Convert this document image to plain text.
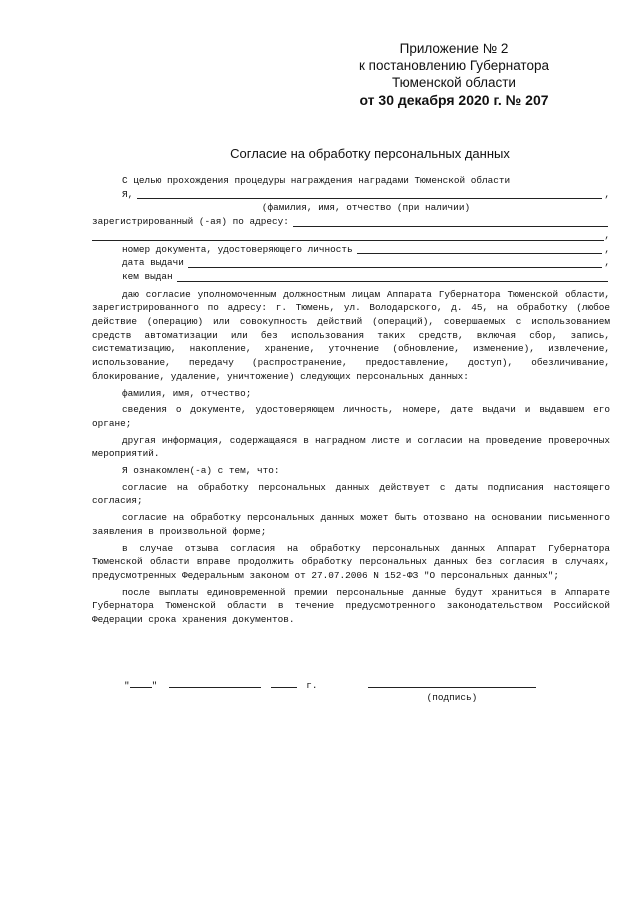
Приложение № 2
к постановлению Губернатора
Тюменской области
от 30 декабря 2020 г. № 207
Согласие на обработку персональных данных
С целью прохождения процедуры награждения наградами Тюменской области
Я,	,
(фамилия, имя, отчество (при наличии)
зарегистрированный (-ая) по адресу:
,
номер документа, удостоверяющего личность	,
дата выдачи	,
кем выдан

даю согласие уполномоченным должностным лицам Аппарата Губернатора Тюменской области, зарегистрированного по адресу: г. Тюмень, ул. Володарского, д. 45, на обработку (любое действие (операцию) или совокупность действий (операций), совершаемых с использованием средств автоматизации или без использования таких средств, включая сбор, запись, систематизацию, накопление, хранение, уточнение (обновление, изменение), извлечение, использование, передачу (распространение, предоставление, доступ), обезличивание, блокирование, удаление, уничтожение) следующих персональных данных:

фамилия, имя, отчество;

сведения о документе, удостоверяющем личность, номере, дате выдачи и выдавшем его органе;

другая информация, содержащаяся в наградном листе и согласии на проведение проверочных мероприятий.

Я ознакомлен(-а) с тем, что:

согласие на обработку персональных данных действует с даты подписания настоящего согласия;

согласие на обработку персональных данных может быть отозвано на основании письменного заявления в произвольной форме;

в случае отзыва согласия на обработку персональных данных Аппарат Губернатора Тюменской области вправе продолжить обработку персональных данных без согласия в случаях, предусмотренных Федеральным законом от 27.07.2006 N 152-ФЗ "О персональных данных";

после выплаты единовременной премии персональные данные будут храниться в Аппарате Губернатора Тюменской области в течение предусмотренного законодательством Российской Федерации срока хранения документов.

" "	г.
(подпись)
